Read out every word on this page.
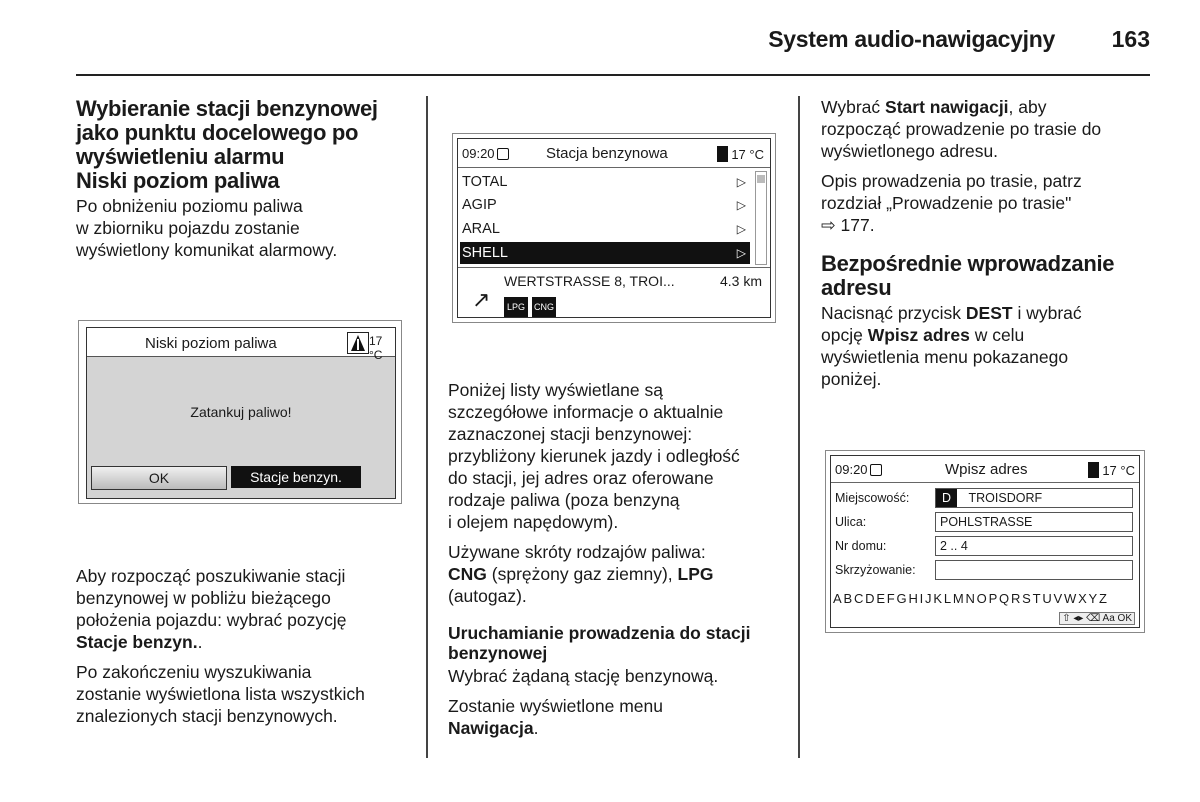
System audio-nawigacyjny 163
Wybieranie stacji benzynowej
jako punktu docelowego po
wyświetleniu alarmu
Niski poziom paliwa

Po obniżeniu poziomu paliwa
w zbiorniku pojazdu zostanie
wyświetlony komunikat alarmowy.

Niski poziom paliwa	17 °C
Zatankuj paliwo!
OK	Stacje benzyn.

Aby rozpocząć poszukiwanie stacji
benzynowej w pobliżu bieżącego
położenia pojazdu: wybrać pozycję
Stacje benzyn..

Po zakończeniu wyszukiwania
zostanie wyświetlona lista wszystkich
znalezionych stacji benzynowych.

09:20	Stacja benzynowa	17 °C
TOTAL	▷
AGIP	▷
ARAL	▷
SHELL	▷
WERTSTRASSE 8, TROI...	4.3 km
↗	LPG	CNG

Poniżej listy wyświetlane są
szczegółowe informacje o aktualnie
zaznaczonej stacji benzynowej:
przybliżony kierunek jazdy i odległość
do stacji, jej adres oraz oferowane
rodzaje paliwa (poza benzyną
i olejem napędowym).

Używane skróty rodzajów paliwa:
CNG (sprężony gaz ziemny), LPG
(autogaz).

Uruchamianie prowadzenia do stacji
benzynowej

Wybrać żądaną stację benzynową.

Zostanie wyświetlone menu
Nawigacja.

Wybrać Start nawigacji, aby
rozpocząć prowadzenie po trasie do
wyświetlonego adresu.

Opis prowadzenia po trasie, patrz
rozdział „Prowadzenie po trasie"
⇨ 177.

Bezpośrednie wprowadzanie
adresu

Nacisnąć przycisk DEST i wybrać
opcję Wpisz adres w celu
wyświetlenia menu pokazanego
poniżej.

09:20	Wpisz adres	17 °C
Miejscowość:	D TROISDORF
Ulica:	POHLSTRASSE
Nr domu:	2 .. 4
Skrzyżowanie:
ABCDEFGHIJKLMNOPQRSTUVWXYZ
⇧ ◂▸ ⌫ Aa OK
